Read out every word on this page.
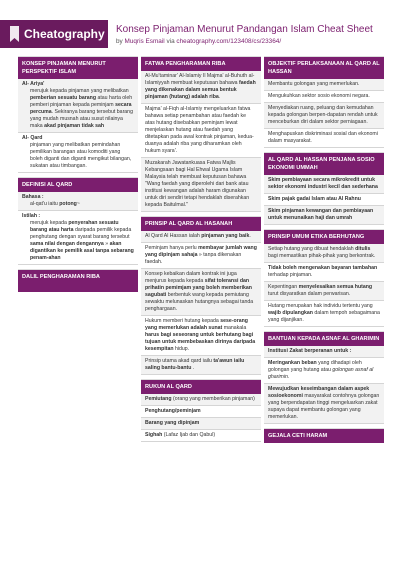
Cheatography Konsep Pinjaman Menurut Pandangan Islam Cheat Sheet
by Muqris Esmail via cheatography.com/123408/cs/23364/
KONSEP PINJAMAN MENURUT PERSPEKTIF ISLAM
Al- Ariya'
merujuk kepada pinjaman yang melibatkan pemberian sesuatu barang atau harta oleh pemberi pinjaman kepada peminjam secara percuma. Sekiranya barang tersebut barang yang mudah musnah atau susut nilainya maka akad pinjaman tidak sah
Al- Qard
pinjaman yang melibatkan pemindahan pemilikan barangan atau komoditi yang boleh diganti dan diganti mengikut bilangan, sukatan atau timbangan.
DEFINISI AL QARD
Bahasa :
al-qat'u iaitu potong~
Istilah :
merujuk kepada penyerahan sesuatu barang atau harta daripada pemilik kepada penghutang dengan syarat barang tersebut sama nilai dengan dengannya » akan digantikan ke pemilik asal tanpa sebarang penam-ahan
DALIL PENGHARAMAN RIBA
FATWA PENGHARAMAN RIBA
Al-Mu'taminar' Al-Islamiy Il Majma' al-Buhuth al-Islamiyyah membuat keputusan bahawa faedah yang dikenakan dalam semua bentuk pinjaman (hutang) adalah riba.
Majma' al-Fiqh al-Islamiy mengeluarkan fatwa bahawa setiap penambahan atau faedah ke atas hutang disebabkan peminjam lewat menjelaskan hutang atau faedah yang ditetapkan pada awal kontrak pinjaman, kedua-duanya adalah riba yang diharamkan oleh hukum syara'.
Muzakarah Jawatankuasa Fatwa Majlis Kebangsaan bagi Hal Ehwal Ugama Islam Malaysia telah membuat keputusan bahawa "Wang faedah yang diperolehi dari bank atau institusi kewangan adalah haram digunakan untuk diri sendiri tetapi hendaklah diserahkan kepada Baitulmal."
PRINSIP AL QARD AL HASANAH
Al Qard Al Hassan ialah pinjaman yang baik.
Peminjam hanya perlu membayar jumlah wang yang dipinjam sahaja » tanpa dikenakan faedah.
Konsep kebaikan dalam kontrak ini juga menjurus kepada kepada sifat toleransi dan prihatin pemimjam yang boleh memberikan sagubati berbentuk wang kepada pemiutang sewaktu melunaskan hutangnya sebagai tanda penghargaan.
Hukum memberi hutang kepada sese-orang yang memerlukan adalah sunat manakala harus bagi seseorang untuk berhutang bagi tujuan untuk membebaskan dirinya daripada kesempitan hidup.
Prinsip utama akad qard iailu ta'awun iailu saling bantu-bantu .
RUKUN AL QARD
Pemiutang (orang yang memberikan pinjaman)
Penghutang/peminjam
Barang yang dipinjam
Sighah (Lafaz Ijab dan Qabul)
OBJEKTIF PERLAKSANAAN AL QARD AL HASSAN
Membantu golongan yang memerlukan.
Mengukuhkan sektor sosio ekonomi negara.
Menyediakan ruang, peluang dan kemudahan kepada golongan berpen-dapatan rendah untuk menceburkan diri dalam sektor perniagaan.
Menghapuskan diskriminasi sosial dan ekonomi dalam masyarakat.
AL QARD AL HASSAN PENJANA SOSIO EKONOMI UMMAH
Skim pembiayaan secara mikrokredit untuk sektor ekonomi industri kecil dan sederhana
Skim pajak gadai Islam atau Al Rahnu
Skim pinjaman kewangan dan pembiayaan untuk menunaikan haji dan umrah
PRINSIP UMUM ETIKA BERHUTANG
Setiap hutang yang dibuat hendaklah ditulis bagi memastikan pihak-pihak yang berkontrak.
Tidak boleh mengenakan bayaran tambahan terhadap pinjaman.
Kepentingan menyelesaikan semua hutang turut disyaratkan dalam perwarisan.
Hutang merupakan hak individu tertentu yang wajib dipulangkan dalam tempoh sebagaimana yang dijanjikan.
BANTUAN KEPADA ASNAF AL GHARIMIN
Institusi Zakat berperanan untuk :
Meringankan beban yang dihadapi oleh golongan yang hutang atau golongan asnaf al gharimin.
Mewujudkan keseimbangan dalam aspek sosioekonomi masyarakat contohnya golongan yang berpendapatan tinggi mengeluarkan zakat supaya dapat membantu golongan yang memerlukan.
GEJALA CETI HARAM
